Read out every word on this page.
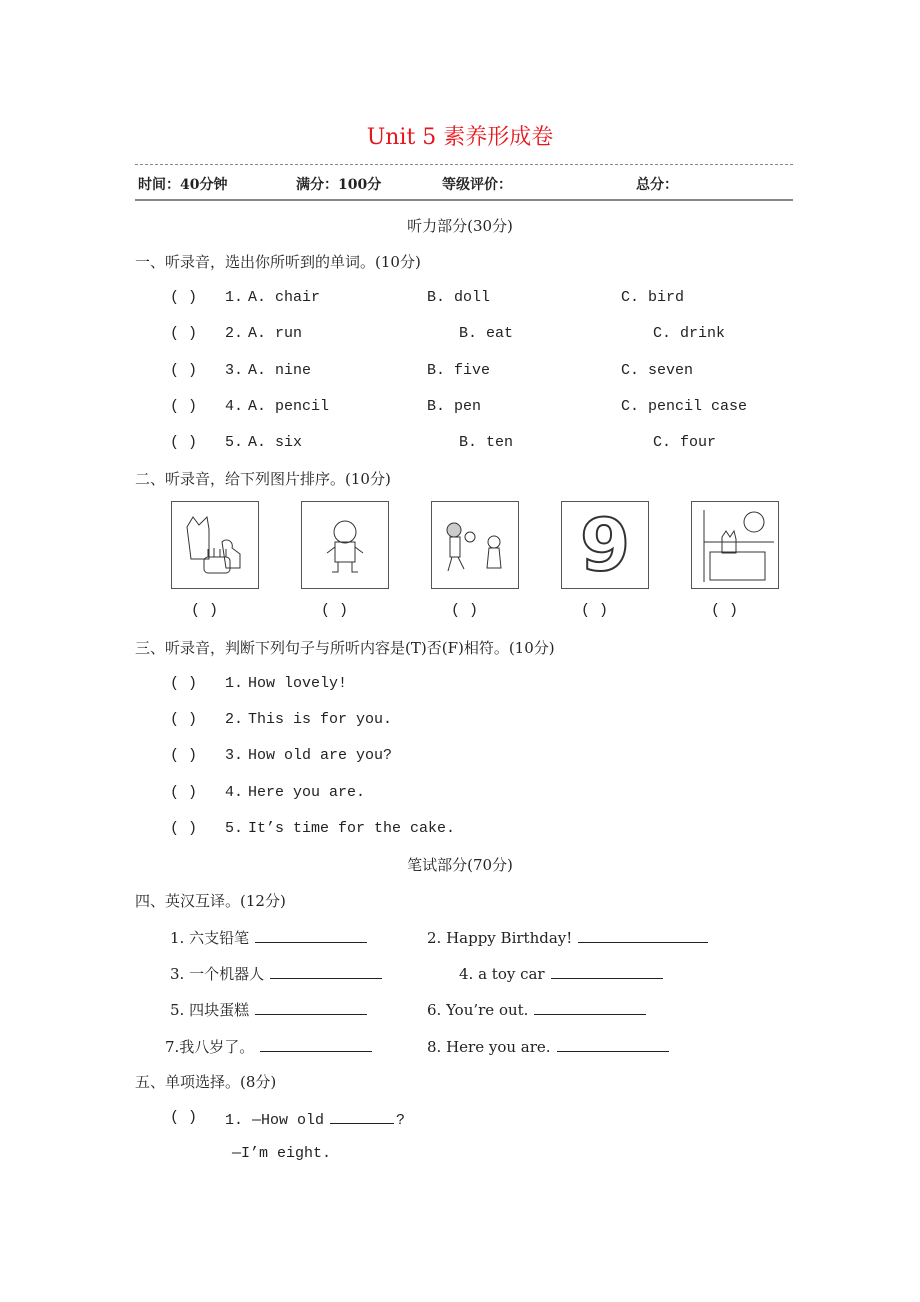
Unit 5 素养形成卷
时间：40分钟	满分：100分	等级评价：	总分：
听力部分(30分)
一、听录音，选出你所听到的单词。(10分)
( ) 1. A. chair	B. doll	C. bird
( ) 2. A. run	B. eat	C. drink
( ) 3. A. nine	B. five	C. seven
( ) 4. A. pencil	B. pen	C. pencil case
( ) 5. A. six	B. ten	C. four
二、听录音，给下列图片排序。(10分)
( )	( )	( )
9
( )	( )
三、听录音，判断下列句子与所听内容是(T)否(F)相符。(10分)
( ) 1. How lovely!
( ) 2. This is for you.
( ) 3. How old are you?
( ) 4. Here you are.
( ) 5. It’s time for the cake.
笔试部分(70分)
四、英汉互译。(12分)
1. 六支铅笔	2. Happy Birthday!
3. 一个机器人	4. a toy car
5. 四块蛋糕	6. You’re out.
7.我八岁了。	8. Here you are.
五、单项选择。(8分)
( ) 1. —How old	?
—I’m eight.
